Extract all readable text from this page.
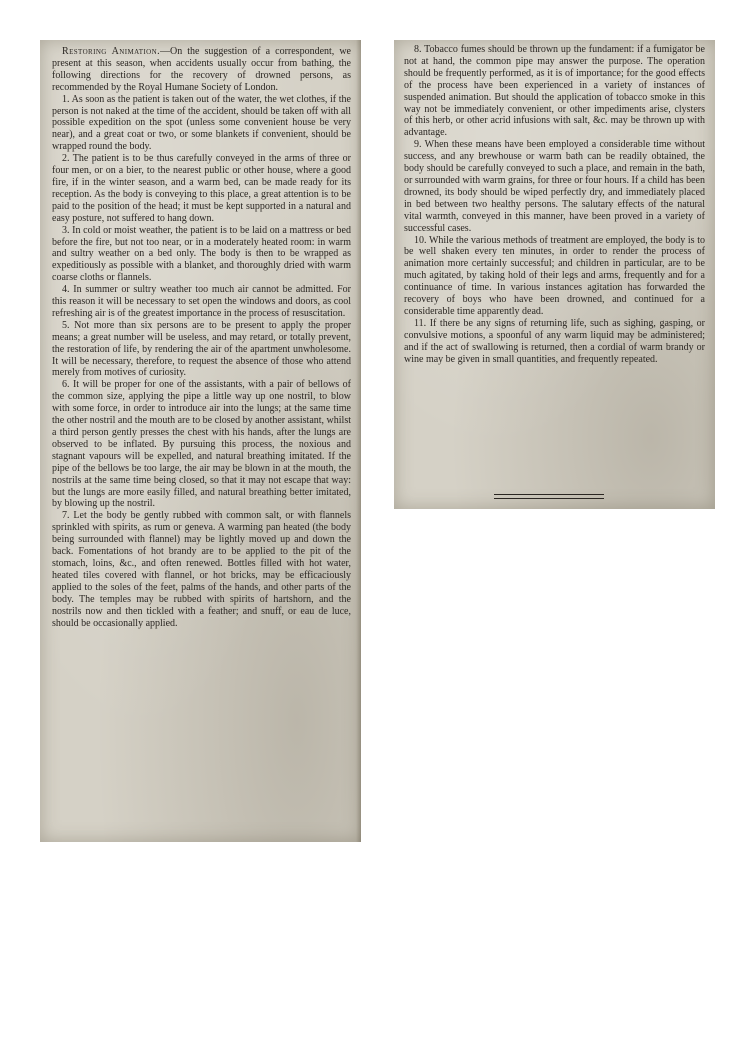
Restoring Animation.—On the suggestion of a correspondent, we present at this season, when accidents usually occur from bathing, the following directions for the recovery of drowned persons, as recommended by the Royal Humane Society of London.

1. As soon as the patient is taken out of the water, the wet clothes, if the person is not naked at the time of the accident, should be taken off with all possible expedition on the spot (unless some convenient house be very near), and a great coat or two, or some blankets if convenient, should be wrapped round the body.

2. The patient is to be thus carefully conveyed in the arms of three or four men, or on a bier, to the nearest public or other house, where a good fire, if in the winter season, and a warm bed, can be made ready for its reception. As the body is conveying to this place, a great attention is to be paid to the position of the head; it must be kept supported in a natural and easy posture, not suffered to hang down.

3. In cold or moist weather, the patient is to be laid on a mattress or bed before the fire, but not too near, or in a moderately heated room: in warm and sultry weather on a bed only. The body is then to be wrapped as expeditiously as possible with a blanket, and thoroughly dried with warm coarse cloths or flannels.

4. In summer or sultry weather too much air cannot be admitted. For this reason it will be necessary to set open the windows and doors, as cool refreshing air is of the greatest importance in the process of resuscitation.

5. Not more than six persons are to be present to apply the proper means; a great number will be useless, and may retard, or totally prevent, the restoration of life, by rendering the air of the apartment unwholesome. It will be necessary, therefore, to request the absence of those who attend merely from motives of curiosity.

6. It will be proper for one of the assistants, with a pair of bellows of the common size, applying the pipe a little way up one nostril, to blow with some force, in order to introduce air into the lungs; at the same time the other nostril and the mouth are to be closed by another assistant, whilst a third person gently presses the chest with his hands, after the lungs are observed to be inflated. By pursuing this process, the noxious and stagnant vapours will be expelled, and natural breathing imitated. If the pipe of the bellows be too large, the air may be blown in at the mouth, the nostrils at the same time being closed, so that it may not escape that way: but the lungs are more easily filled, and natural breathing better imitated, by blowing up the nostril.

7. Let the body be gently rubbed with common salt, or with flannels sprinkled with spirits, as rum or geneva. A warming pan heated (the body being surrounded with flannel) may be lightly moved up and down the back. Fomentations of hot brandy are to be applied to the pit of the stomach, loins, &c., and often renewed. Bottles filled with hot water, heated tiles covered with flannel, or hot bricks, may be efficaciously applied to the soles of the feet, palms of the hands, and other parts of the body. The temples may be rubbed with spirits of hartshorn, and the nostrils now and then tickled with a feather; and snuff, or eau de luce, should be occasionally applied.

8. Tobacco fumes should be thrown up the fundament: if a fumigator be not at hand, the common pipe may answer the purpose. The operation should be frequently performed, as it is of importance; for the good effects of the process have been experienced in a variety of instances of suspended animation. But should the application of tobacco smoke in this way not be immediately convenient, or other impediments arise, clysters of this herb, or other acrid infusions with salt, &c. may be thrown up with advantage.

9. When these means have been employed a considerable time without success, and any brewhouse or warm bath can be readily obtained, the body should be carefully conveyed to such a place, and remain in the bath, or surrounded with warm grains, for three or four hours. If a child has been drowned, its body should be wiped perfectly dry, and immediately placed in bed between two healthy persons. The salutary effects of the natural vital warmth, conveyed in this manner, have been proved in a variety of successful cases.

10. While the various methods of treatment are employed, the body is to be well shaken every ten minutes, in order to render the process of animation more certainly successful; and children in particular, are to be much agitated, by taking hold of their legs and arms, frequently and for a continuance of time. In various instances agitation has forwarded the recovery of boys who have been drowned, and continued for a considerable time apparently dead.

11. If there be any signs of returning life, such as sighing, gasping, or convulsive motions, a spoonful of any warm liquid may be administered; and if the act of swallowing is returned, then a cordial of warm brandy or wine may be given in small quantities, and frequently repeated.
